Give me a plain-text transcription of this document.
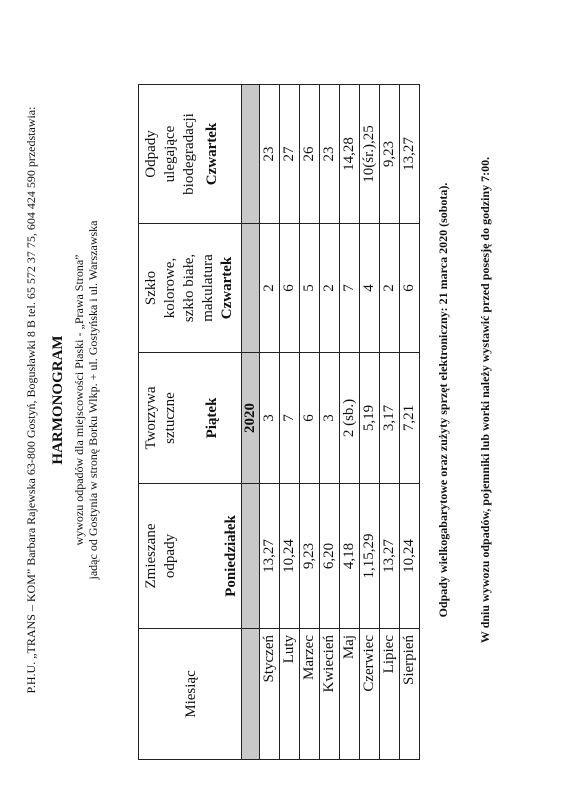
P.H.U. „TRANS – KOM” Barbara Rajewska 63-800 Gostyń, Bogusławki 8 B tel. 65 572 37 75, 604 424 590 przedstawia: HARMONOGRAM wywozu odpadów dla miejscowości Piaski - „Prawa Strona” jadąc od Gostynia w stronę Borku Wlkp. + ul. Gostyńska i ul. Warszawska
Miesiąc	Zmieszane odpady Poniedziałek	Tworzywa sztuczne Piątek	Szkło kolorowe, szkło białe, makulatura Czwartek	Odpady ulegające biodegradacji Czwartek

		2020		
Styczeń	13,27	3	2	23
Luty	10,24	7	6	27
Marzec	9,23	6	5	26
Kwiecień	6,20	3	2	23
Maj	4,18	2 (sb.)	7	14,28
Czerwiec	1,15,29	5,19	4	10(śr.),25
Lipiec	13,27	3,17	2	9,23
Sierpień	10,24	7,21	6	13,27
Odpady wielkogabarytowe oraz zużyty sprzęt elektroniczny: 21 marca 2020 (sobota). W dniu wywozu odpadów, pojemniki lub worki należy wystawić przed posesję do godziny 7:00.
